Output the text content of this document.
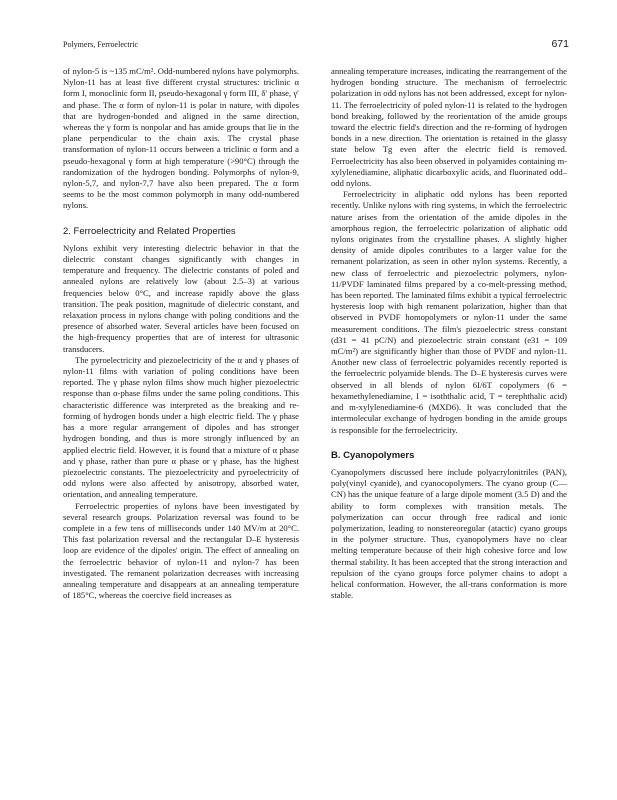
Polymers, Ferroelectric	671

of nylon-5 is ~135 mC/m². Odd-numbered nylons have polymorphs. Nylon-11 has at least five different crystal structures: triclinic α form I, monoclinic form II, pseudo-hexagonal γ form III, δ′ phase, γ′ and phase. The α form of nylon-11 is polar in nature, with dipoles that are hydrogen-bonded and aligned in the same direction, whereas the γ form is nonpolar and has amide groups that lie in the plane perpendicular to the chain axis. The crystal phase transformation of nylon-11 occurs between a triclinic α form and a pseudo-hexagonal γ form at high temperature (>90°C) through the randomization of the hydrogen bonding. Polymorphs of nylon-9, nylon-5,7, and nylon-7,7 have also been prepared. The α form seems to be the most common polymorph in many odd-numbered nylons.

2. Ferroelectricity and Related Properties

Nylons exhibit very interesting dielectric behavior in that the dielectric constant changes significantly with changes in temperature and frequency. The dielectric constants of poled and annealed nylons are relatively low (about 2.5–3) at various frequencies below 0°C, and increase rapidly above the glass transition. The peak position, magnitude of dielectric constant, and relaxation process in nylons change with poling conditions and the presence of absorbed water. Several articles have been focused on the high-frequency properties that are of interest for ultrasonic transducers.

The pyroelectricity and piezoelectricity of the α and γ phases of nylon-11 films with variation of poling conditions have been reported. The γ phase nylon films show much higher piezoelectric response than α-phase films under the same poling conditions. This characteristic difference was interpreted as the breaking and re-forming of hydrogen bonds under a high electric field. The γ phase has a more regular arrangement of dipoles and has stronger hydrogen bonding, and thus is more strongly influenced by an applied electric field. However, it is found that a mixture of α phase and γ phase, rather than pure α phase or γ phase, has the highest piezoelectric constants. The piezoelectricity and pyroelectricity of odd nylons were also affected by anisotropy, absorbed water, orientation, and annealing temperature.

Ferroelectric properties of nylons have been investigated by several research groups. Polarization reversal was found to be complete in a few tens of milliseconds under 140 MV/m at 20°C. This fast polarization reversal and the rectangular D–E hysteresis loop are evidence of the dipoles' origin. The effect of annealing on the ferroelectric behavior of nylon-11 and nylon-7 has been investigated. The remanent polarization decreases with increasing annealing temperature and disappears at an annealing temperature of 185°C, whereas the coercive field increases as

annealing temperature increases, indicating the rearrangement of the hydrogen bonding structure. The mechanism of ferroelectric polarization in odd nylons has not been addressed, except for nylon-11. The ferroelectricity of poled nylon-11 is related to the hydrogen bond breaking, followed by the reorientation of the amide groups toward the electric field's direction and the re-forming of hydrogen bonds in a new direction. The orientation is retained in the glassy state below Tg even after the electric field is removed. Ferroelectricity has also been observed in polyamides containing m-xylylenediamine, aliphatic dicarboxylic acids, and fluorinated odd–odd nylons.

Ferroelectricity in aliphatic odd nylons has been reported recently. Unlike nylons with ring systems, in which the ferroelectric nature arises from the orientation of the amide dipoles in the amorphous region, the ferroelectric polarization of aliphatic odd nylons originates from the crystalline phases. A slightly higher density of amide dipoles contributes to a larger value for the remanent polarization, as seen in other nylon systems. Recently, a new class of ferroelectric and piezoelectric polymers, nylon-11/PVDF laminated films prepared by a co-melt-pressing method, has been reported. The laminated films exhibit a typical ferroelectric hysteresis loop with high remanent polarization, higher than that observed in PVDF homopolymers or nylon-11 under the same measurement conditions. The film's piezoelectric stress constant (d31 = 41 pC/N) and piezoelectric strain constant (e31 = 109 mC/m²) are significantly higher than those of PVDF and nylon-11. Another new class of ferroelectric polyamides recently reported is the ferroelectric polyamide blends. The D–E hysteresis curves were observed in all blends of nylon 6I/6T copolymers (6 = hexamethylenediamine, I = isoththalic acid, T = terephthalic acid) and m-xylylenediamine-6 (MXD6). It was concluded that the intermolecular exchange of hydrogen bonding in the amide groups is responsible for the ferroelectricity.

B. Cyanopolymers

Cyanopolymers discussed here include polyacrylonitriles (PAN), poly(vinyl cyanide), and cyanocopolymers. The cyano group (C—CN) has the unique feature of a large dipole moment (3.5 D) and the ability to form complexes with transition metals. The polymerization can occur through free radical and ionic polymerization, leading to nonstereoregular (atactic) cyano groups in the polymer structure. Thus, cyanopolymers have no clear melting temperature because of their high cohesive force and low thermal stability. It has been accepted that the strong interaction and repulsion of the cyano groups force polymer chains to adopt a helical conformation. However, the all-trans conformation is more stable.
